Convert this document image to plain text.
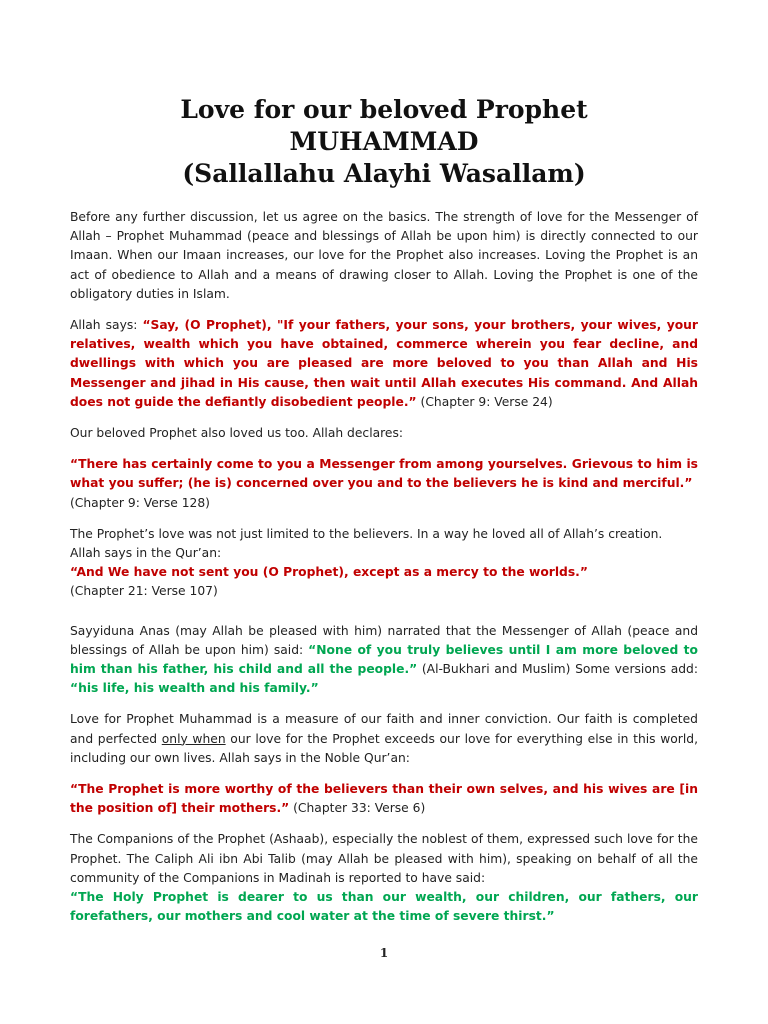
Love for our beloved Prophet
MUHAMMAD
(Sallallahu Alayhi Wasallam)

Before any further discussion, let us agree on the basics. The strength of love for the Messenger of Allah – Prophet Muhammad (peace and blessings of Allah be upon him) is directly connected to our Imaan. When our Imaan increases, our love for the Prophet also increases. Loving the Prophet is an act of obedience to Allah and a means of drawing closer to Allah. Loving the Prophet is one of the obligatory duties in Islam.

Allah says: “Say, (O Prophet), "If your fathers, your sons, your brothers, your wives, your relatives, wealth which you have obtained, commerce wherein you fear decline, and dwellings with which you are pleased are more beloved to you than Allah and His Messenger and jihad in His cause, then wait until Allah executes His command. And Allah does not guide the defiantly disobedient people.” (Chapter 9: Verse 24)

Our beloved Prophet also loved us too. Allah declares:

“There has certainly come to you a Messenger from among yourselves. Grievous to him is what you suffer; (he is) concerned over you and to the believers he is kind and merciful.”
(Chapter 9: Verse 128)

The Prophet’s love was not just limited to the believers. In a way he loved all of Allah’s creation.
Allah says in the Qur’an:
“And We have not sent you (O Prophet), except as a mercy to the worlds.”
(Chapter 21: Verse 107)

Sayyiduna Anas (may Allah be pleased with him) narrated that the Messenger of Allah (peace and blessings of Allah be upon him) said: “None of you truly believes until I am more beloved to him than his father, his child and all the people.” (Al-Bukhari and Muslim) Some versions add: “his life, his wealth and his family.”

Love for Prophet Muhammad is a measure of our faith and inner conviction. Our faith is completed and perfected only when our love for the Prophet exceeds our love for everything else in this world, including our own lives. Allah says in the Noble Qur’an:

“The Prophet is more worthy of the believers than their own selves, and his wives are [in the position of] their mothers.” (Chapter 33: Verse 6)

The Companions of the Prophet (Ashaab), especially the noblest of them, expressed such love for the Prophet. The Caliph Ali ibn Abi Talib (may Allah be pleased with him), speaking on behalf of all the community of the Companions in Madinah is reported to have said:
“The Holy Prophet is dearer to us than our wealth, our children, our fathers, our forefathers, our mothers and cool water at the time of severe thirst.”

1
